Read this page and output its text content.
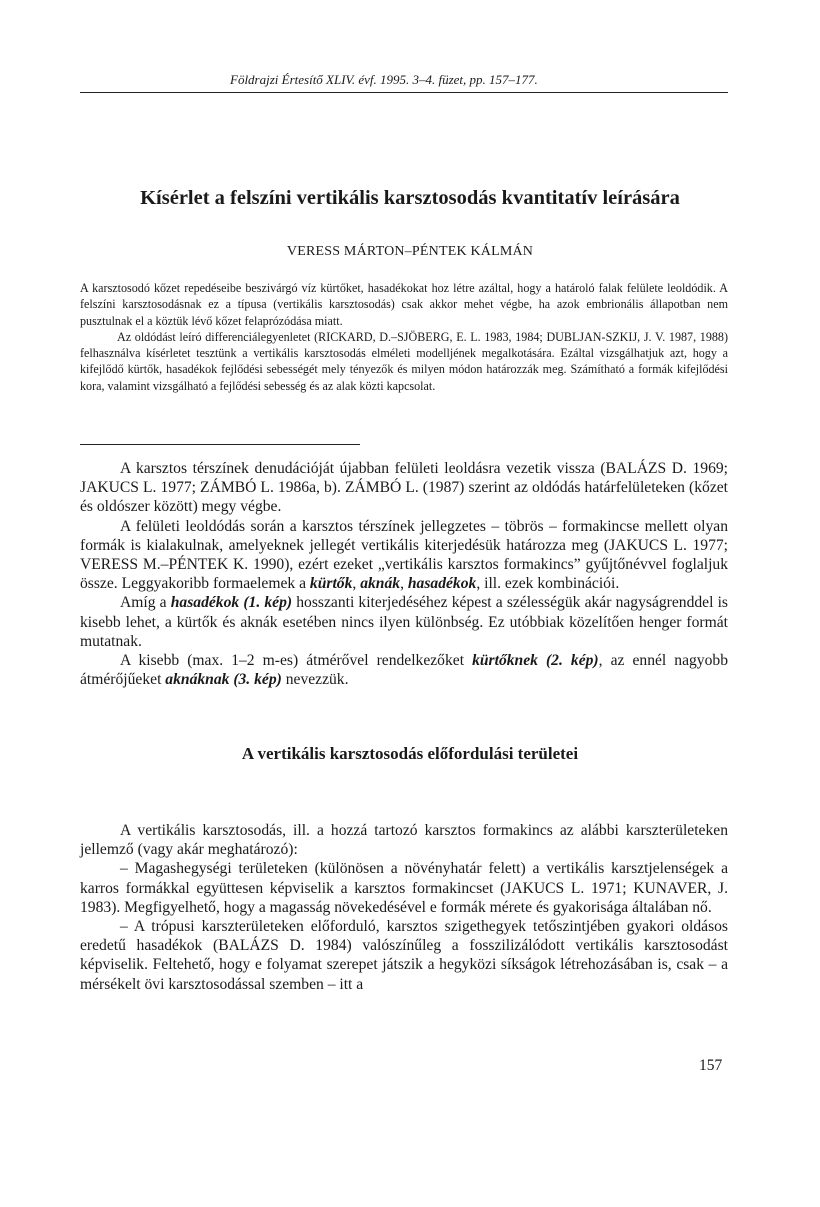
Földrajzi Értesítő XLIV. évf. 1995. 3–4. füzet, pp. 157–177.
Kísérlet a felszíni vertikális karsztosodás kvantitatív leírására
VERESS MÁRTON–PÉNTEK KÁLMÁN

A karsztosodó kőzet repedéseibe beszivárgó víz kürtőket, hasadékokat hoz létre azáltal, hogy a határoló falak felülete leoldódik. A felszíni karsztosodásnak ez a típusa (vertikális karsztosodás) csak akkor mehet végbe, ha azok embrionális állapotban nem pusztulnak el a köztük lévő kőzet felaprózódása miatt.

Az oldódást leíró differenciálegyenletet (RICKARD, D.–SJÖBERG, E. L. 1983, 1984; DUBLJAN-SZKIJ, J. V. 1987, 1988) felhasználva kísérletet tesztünk a vertikális karsztosodás elméleti modelljének megalkotására. Ezáltal vizsgálhatjuk azt, hogy a kifejlődő kürtők, hasadékok fejlődési sebességét mely tényezők és milyen módon határozzák meg. Számítható a formák kifejlődési kora, valamint vizsgálható a fejlődési sebesség és az alak közti kapcsolat.

A karsztos térszínek denudációját újabban felületi leoldásra vezetik vissza (BALÁZS D. 1969; JAKUCS L. 1977; ZÁMBÓ L. 1986a, b). ZÁMBÓ L. (1987) szerint az oldódás határfelületeken (kőzet és oldószer között) megy végbe.

A felületi leoldódás során a karsztos térszínek jellegzetes – töbrös – formakincse mellett olyan formák is kialakulnak, amelyeknek jellegét vertikális kiterjedésük határozza meg (JAKUCS L. 1977; VERESS M.–PÉNTEK K. 1990), ezért ezeket „vertikális karsztos formakincs” gyűjtőnévvel foglaljuk össze. Leggyakoribb formaelemek a kürtők, aknák, hasadékok, ill. ezek kombinációi.

Amíg a hasadékok (1. kép) hosszanti kiterjedéséhez képest a szélességük akár nagyságrenddel is kisebb lehet, a kürtők és aknák esetében nincs ilyen különbség. Ez utóbbiak közelítően henger formát mutatnak.

A kisebb (max. 1–2 m-es) átmérővel rendelkezőket kürtőknek (2. kép), az ennél nagyobb átmérőjűeket aknáknak (3. kép) nevezzük.

A vertikális karsztosodás előfordulási területei

A vertikális karsztosodás, ill. a hozzá tartozó karsztos formakincs az alábbi karszterületeken jellemző (vagy akár meghatározó):

– Magashegységi területeken (különösen a növényhatár felett) a vertikális karsztjelenségek a karros formákkal együttesen képviselik a karsztos formakincset (JAKUCS L. 1971; KUNAVER, J. 1983). Megfigyelhető, hogy a magasság növekedésével e formák mérete és gyakorisága általában nő.

– A trópusi karszterületeken előforduló, karsztos szigethegyek tetőszintjében gyakori oldásos eredetű hasadékok (BALÁZS D. 1984) valószínűleg a fosszilizálódott vertikális karsztosodást képviselik. Feltehető, hogy e folyamat szerepet játszik a hegyközi síkságok létrehozásában is, csak – a mérsékelt övi karsztosodással szemben – itt a

157
